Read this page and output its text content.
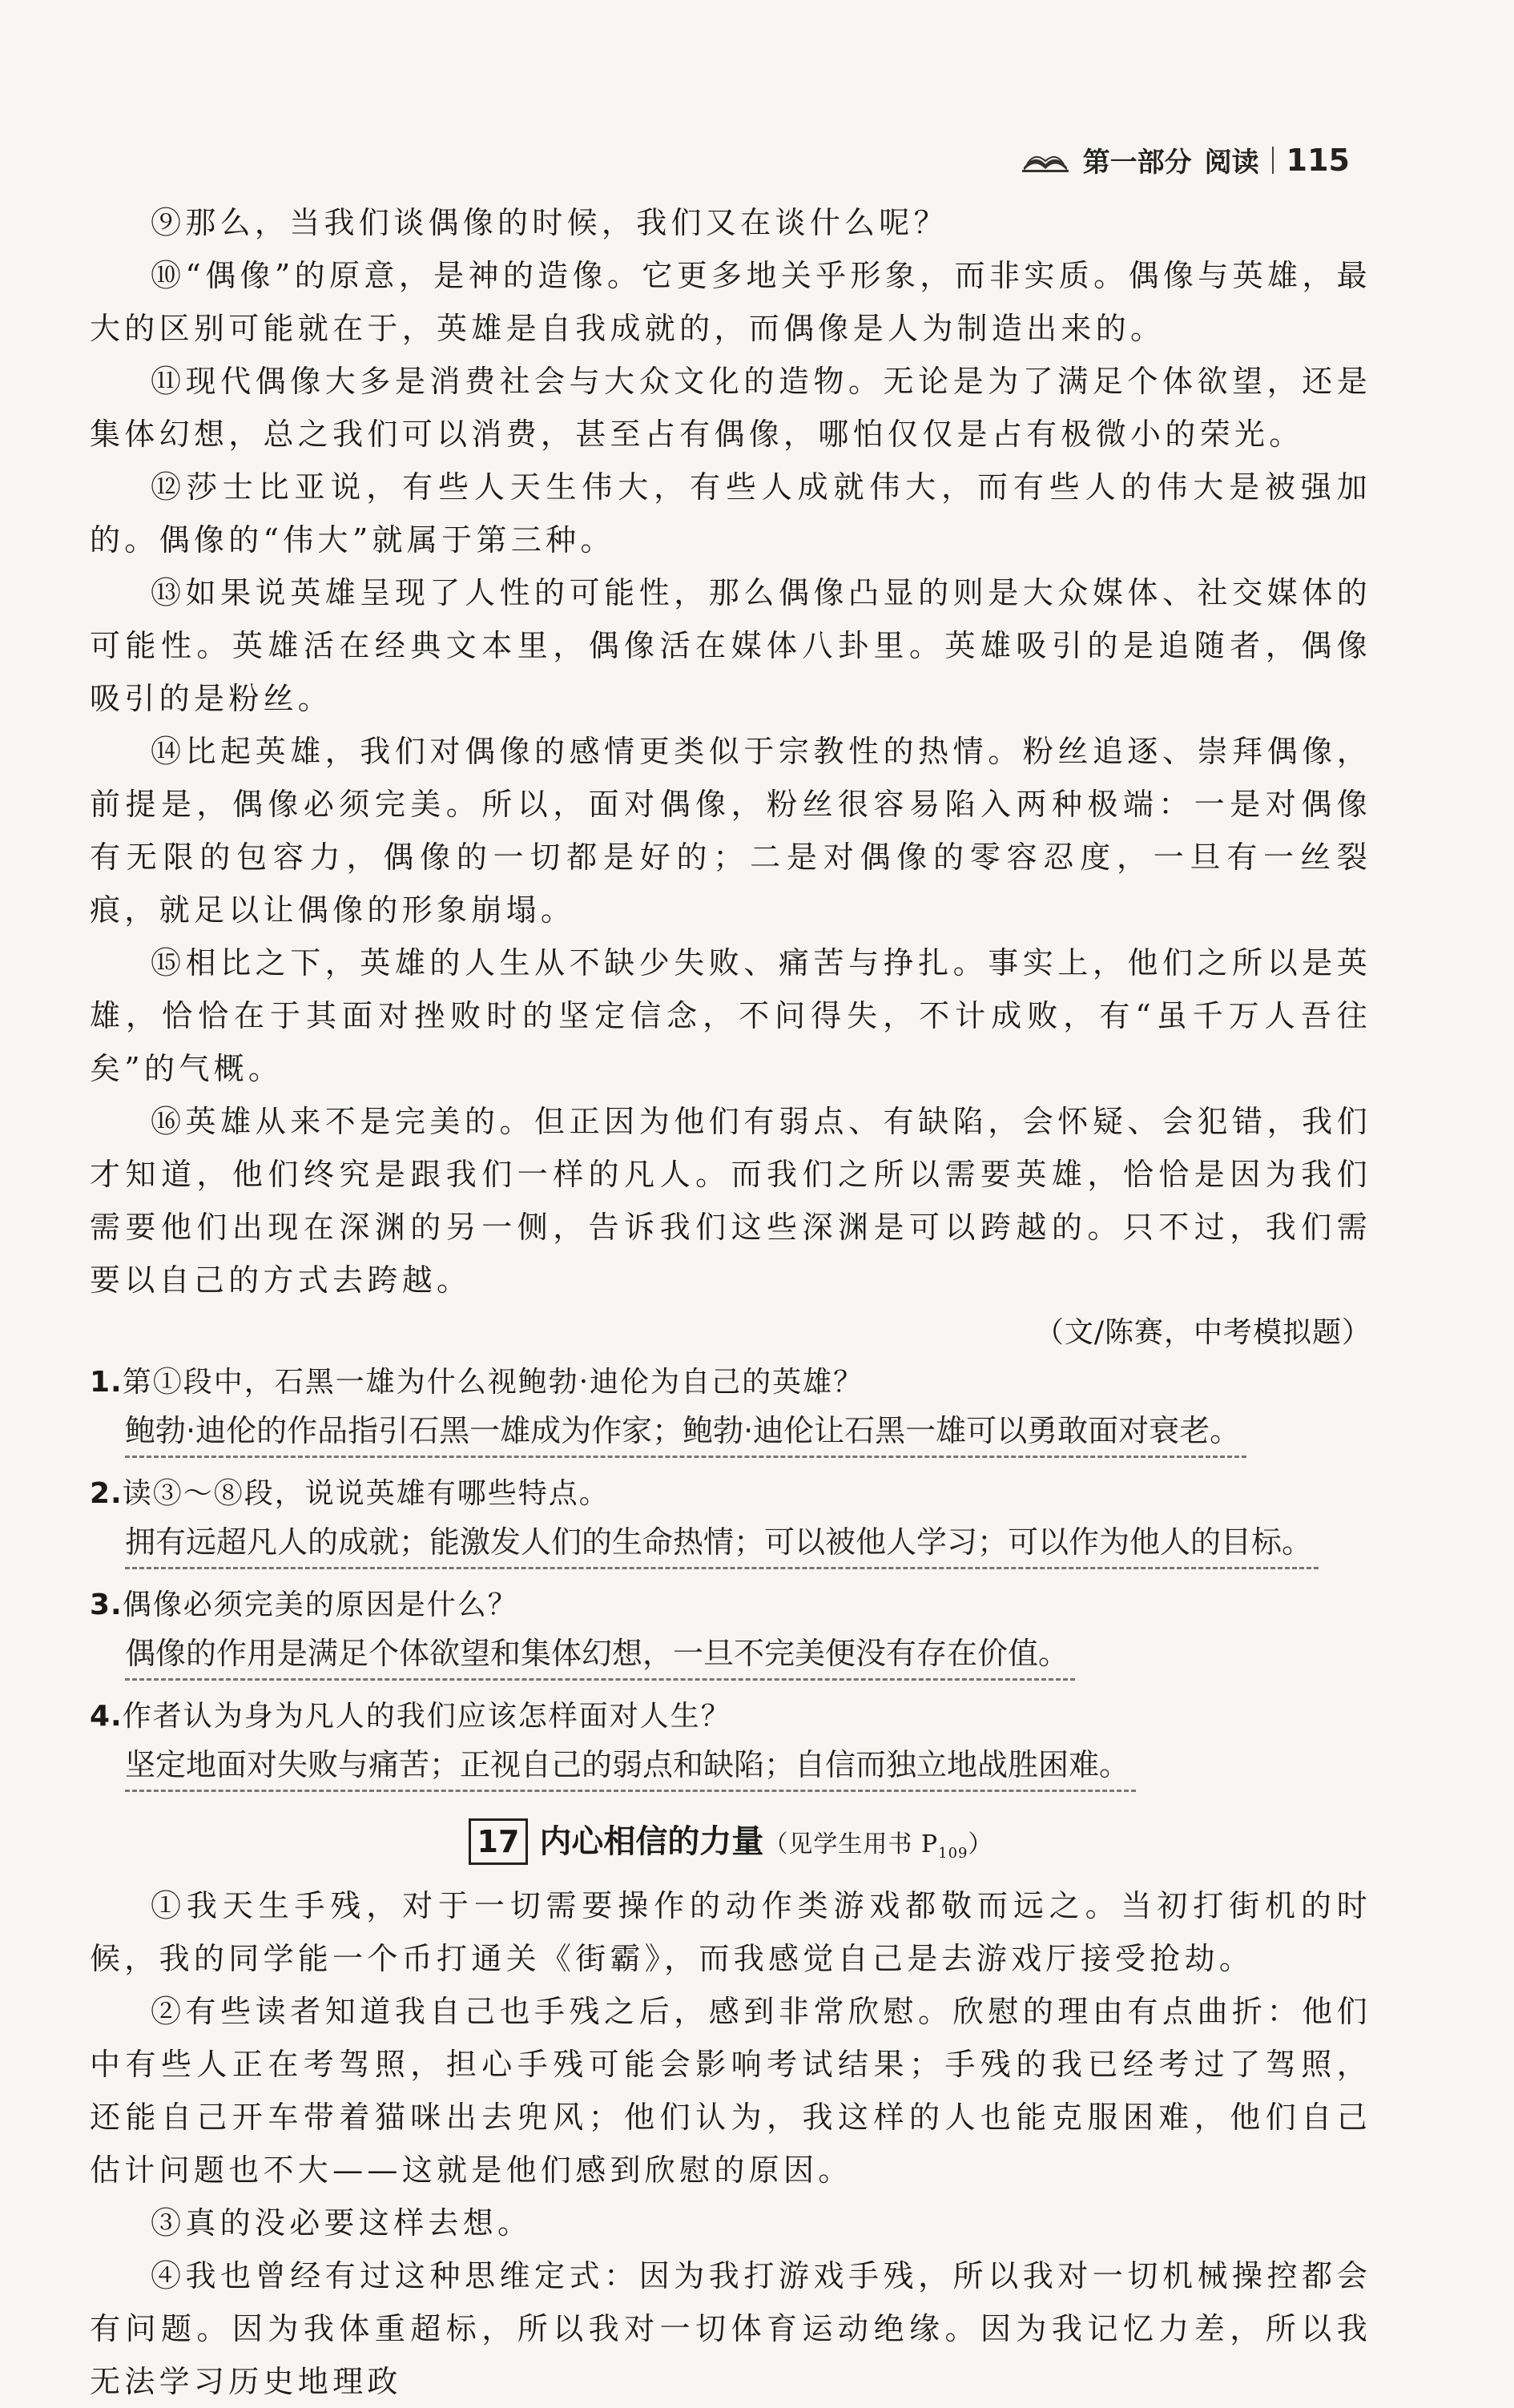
第一部分 阅读 115

⑨那么，当我们谈偶像的时候，我们又在谈什么呢？

⑩“偶像”的原意，是神的造像。它更多地关乎形象，而非实质。偶像与英雄，最大的区别可能就在于，英雄是自我成就的，而偶像是人为制造出来的。

⑪现代偶像大多是消费社会与大众文化的造物。无论是为了满足个体欲望，还是集体幻想，总之我们可以消费，甚至占有偶像，哪怕仅仅是占有极微小的荣光。

⑫莎士比亚说，有些人天生伟大，有些人成就伟大，而有些人的伟大是被强加的。偶像的“伟大”就属于第三种。

⑬如果说英雄呈现了人性的可能性，那么偶像凸显的则是大众媒体、社交媒体的可能性。英雄活在经典文本里，偶像活在媒体八卦里。英雄吸引的是追随者，偶像吸引的是粉丝。

⑭比起英雄，我们对偶像的感情更类似于宗教性的热情。粉丝追逐、崇拜偶像，前提是，偶像必须完美。所以，面对偶像，粉丝很容易陷入两种极端：一是对偶像有无限的包容力，偶像的一切都是好的；二是对偶像的零容忍度，一旦有一丝裂痕，就足以让偶像的形象崩塌。

⑮相比之下，英雄的人生从不缺少失败、痛苦与挣扎。事实上，他们之所以是英雄，恰恰在于其面对挫败时的坚定信念，不问得失，不计成败，有“虽千万人吾往矣”的气概。

⑯英雄从来不是完美的。但正因为他们有弱点、有缺陷，会怀疑、会犯错，我们才知道，他们终究是跟我们一样的凡人。而我们之所以需要英雄，恰恰是因为我们需要他们出现在深渊的另一侧，告诉我们这些深渊是可以跨越的。只不过，我们需要以自己的方式去跨越。

（文/陈赛，中考模拟题）

1.第①段中，石黑一雄为什么视鲍勃·迪伦为自己的英雄？
鲍勃·迪伦的作品指引石黑一雄成为作家；鲍勃·迪伦让石黑一雄可以勇敢面对衰老。
2.读③～⑧段，说说英雄有哪些特点。
拥有远超凡人的成就；能激发人们的生命热情；可以被他人学习；可以作为他人的目标。
3.偶像必须完美的原因是什么？
偶像的作用是满足个体欲望和集体幻想，一旦不完美便没有存在价值。
4.作者认为身为凡人的我们应该怎样面对人生？
坚定地面对失败与痛苦；正视自己的弱点和缺陷；自信而独立地战胜困难。
17 内心相信的力量（见学生用书 $P_{109}$）

①我天生手残，对于一切需要操作的动作类游戏都敬而远之。当初打街机的时候，我的同学能一个币打通关《街霸》，而我感觉自己是去游戏厅接受抢劫。

②有些读者知道我自己也手残之后，感到非常欣慰。欣慰的理由有点曲折：他们中有些人正在考驾照，担心手残可能会影响考试结果；手残的我已经考过了驾照，还能自己开车带着猫咪出去兜风；他们认为，我这样的人也能克服困难，他们自己估计问题也不大——这就是他们感到欣慰的原因。

③真的没必要这样去想。

④我也曾经有过这种思维定式：因为我打游戏手残，所以我对一切机械操控都会有问题。因为我体重超标，所以我对一切体育运动绝缘。因为我记忆力差，所以我无法学习历史地理政
